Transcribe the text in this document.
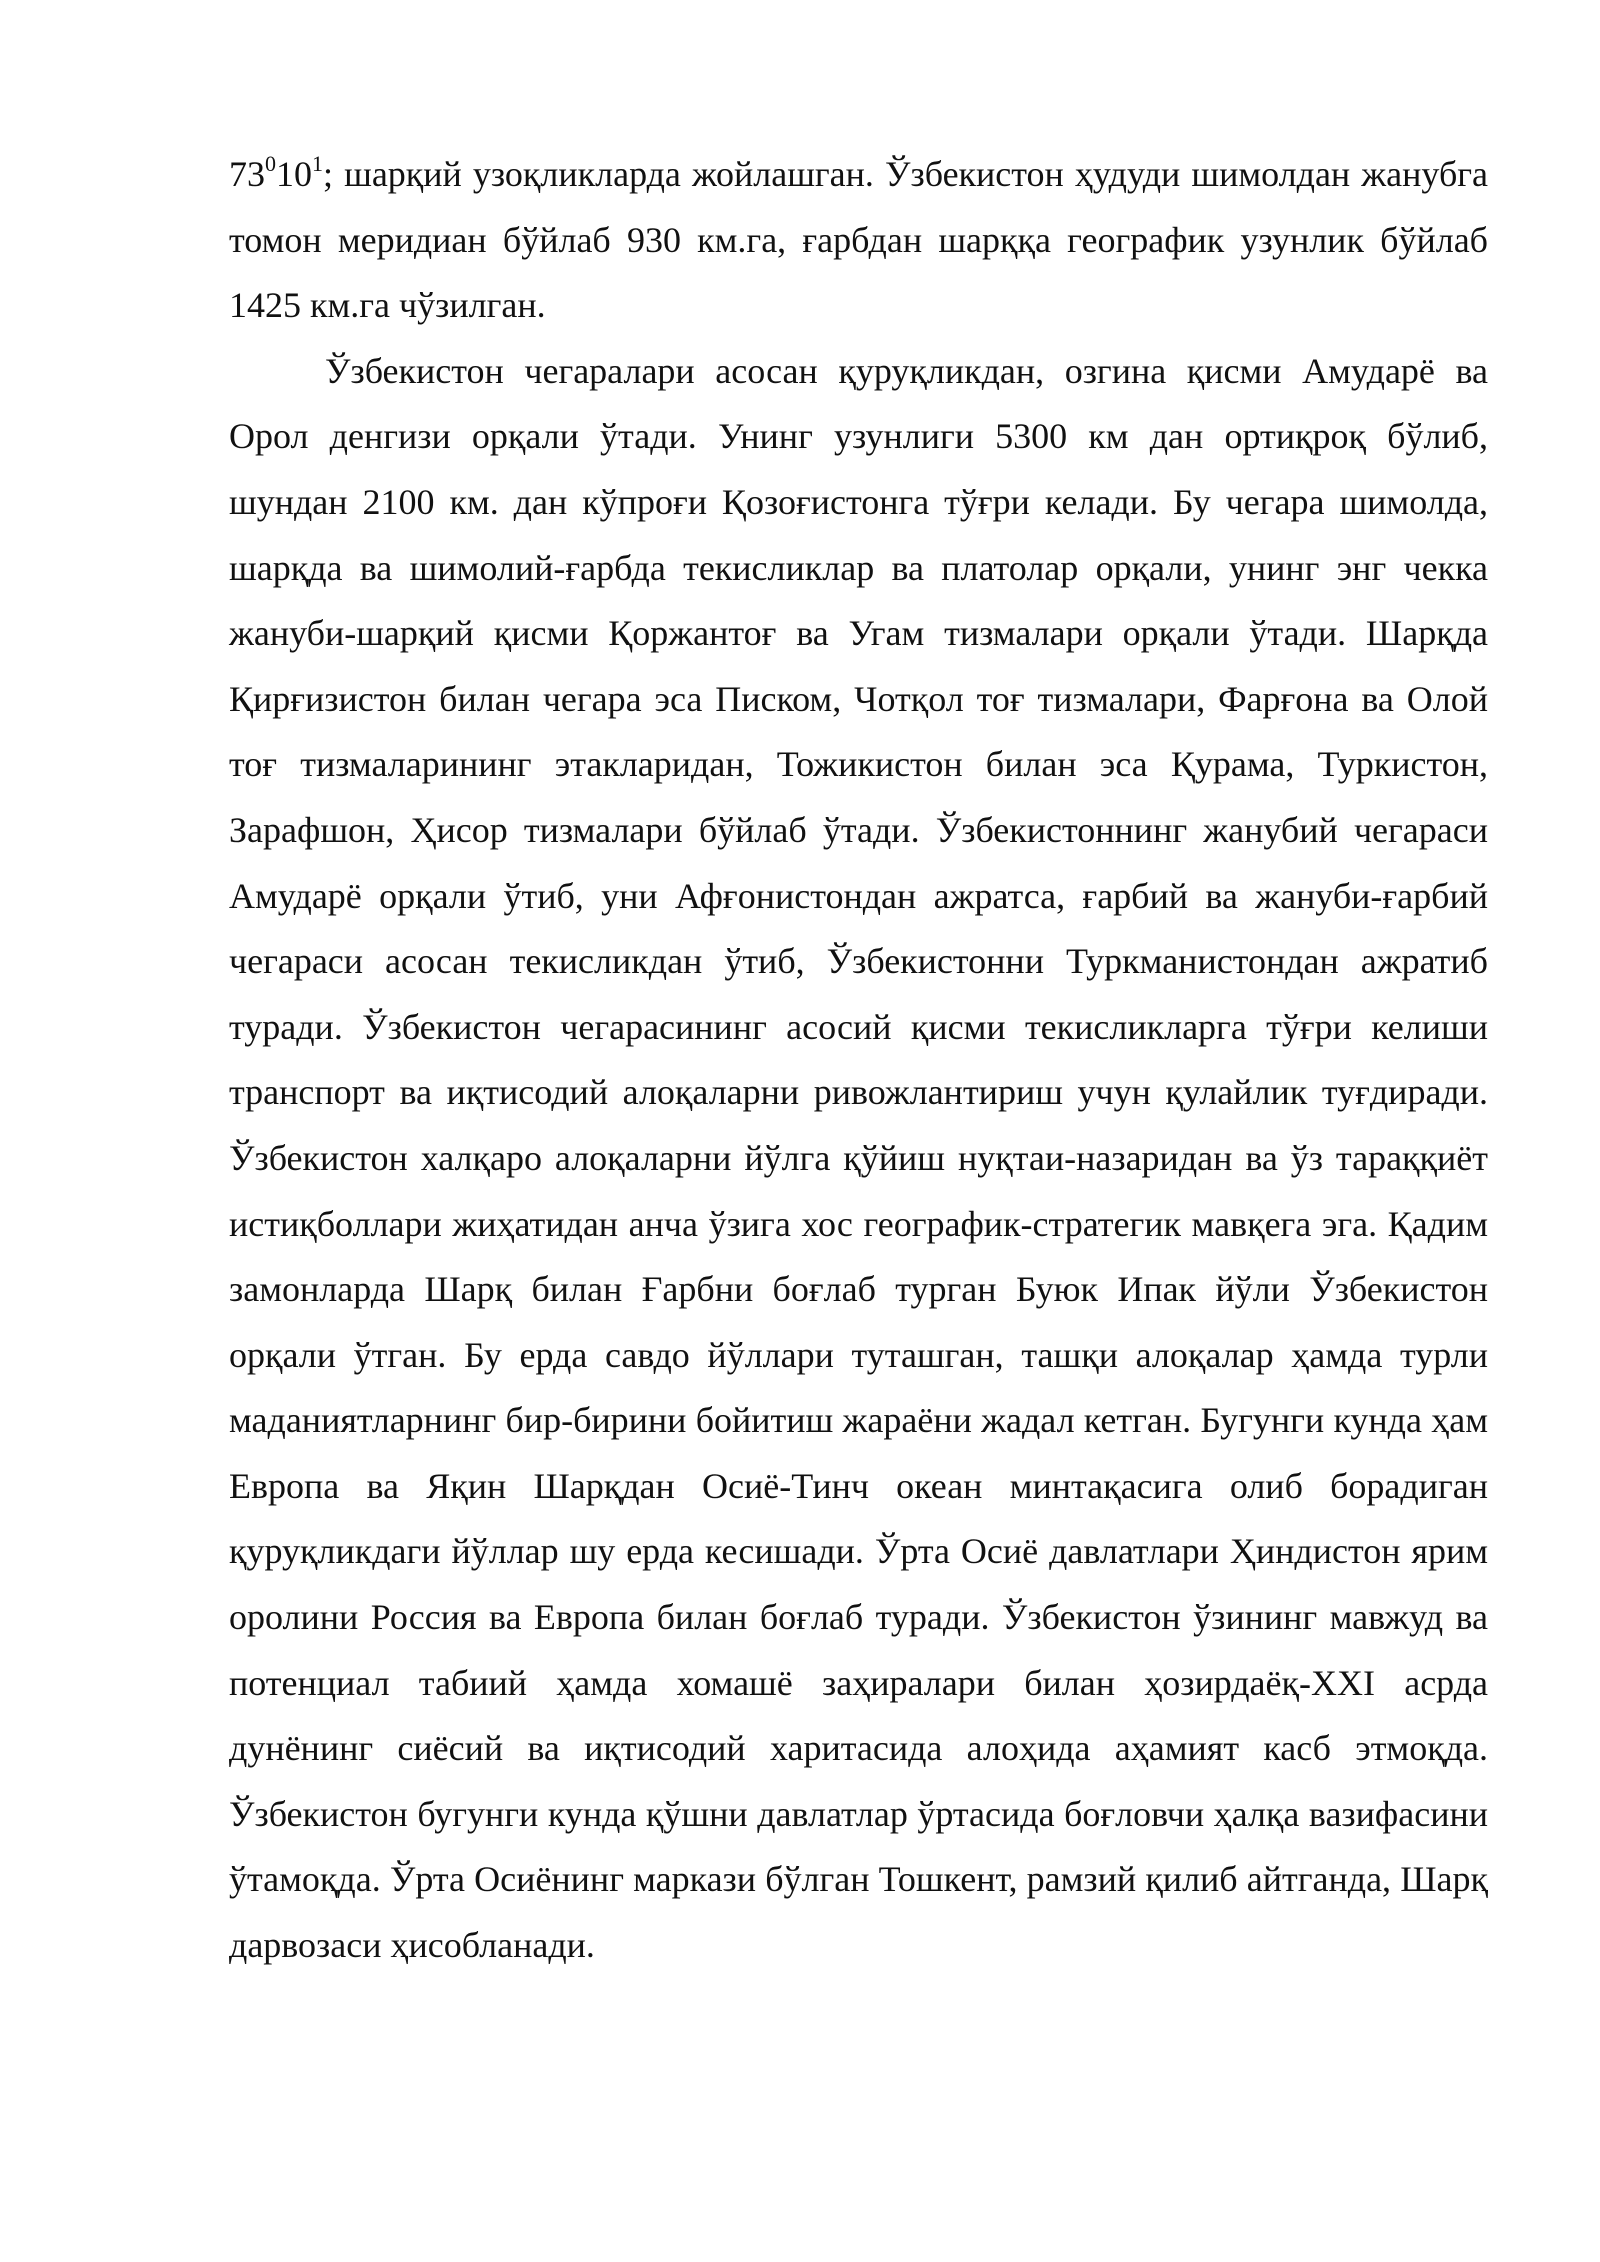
$73^010^1$; шарқий узоқликларда жойлашган. Ўзбекистон ҳудуди шимолдан жанубга томон меридиан бўйлаб 930 км.га, ғарбдан шарққа географик узунлик бўйлаб 1425 км.га чўзилган.

Ўзбекистон чегаралари асосан қуруқликдан, озгина қисми Амударё ва Орол денгизи орқали ўтади. Унинг узунлиги 5300 км дан ортиқроқ бўлиб, шундан 2100 км. дан кўпроғи Қозоғистонга тўғри келади. Бу чегара шимолда, шарқда ва шимолий-ғарбда текисликлар ва платолар орқали, унинг энг чекка жануби-шарқий қисми Қоржантоғ ва Угам тизмалари орқали ўтади. Шарқда Қирғизистон билан чегара эса Писком, Чотқол тоғ тизмалари, Фарғона ва Олой тоғ тизмаларининг этакларидан, Тожикистон билан эса Қурама, Туркистон, Зарафшон, Ҳисор тизмалари бўйлаб ўтади. Ўзбекистоннинг жанубий чегараси Амударё орқали ўтиб, уни Афғонистондан ажратса, ғарбий ва жануби-ғарбий чегараси асосан текисликдан ўтиб, Ўзбекистонни Туркманистондан ажратиб туради. Ўзбекистон чегарасининг асосий қисми текисликларга тўғри келиши транспорт ва иқтисодий алоқаларни ривожлантириш учун қулайлик туғдиради. Ўзбекистон халқаро алоқаларни йўлга қўйиш нуқтаи-назаридан ва ўз тараққиёт истиқболлари жиҳатидан анча ўзига хос географик-стратегик мавқега эга. Қадим замонларда Шарқ билан Ғарбни боғлаб турган Буюк Ипак йўли Ўзбекистон орқали ўтган. Бу ерда савдо йўллари туташган, ташқи алоқалар ҳамда турли маданиятларнинг бир-бирини бойитиш жараёни жадал кетган. Бугунги кунда ҳам Европа ва Яқин Шарқдан Осиё-Тинч океан минтақасига олиб борадиган қуруқликдаги йўллар шу ерда кесишади. Ўрта Осиё давлатлари Ҳиндистон ярим оролини Россия ва Европа билан боғлаб туради. Ўзбекистон ўзининг мавжуд ва потенциал табиий ҳамда хомашё заҳиралари билан ҳозирдаёқ-XXI асрда дунёнинг сиёсий ва иқтисодий харитасида алоҳида аҳамият касб этмоқда. Ўзбекистон бугунги кунда қўшни давлатлар ўртасида боғловчи ҳалқа вазифасини ўтамоқда. Ўрта Осиёнинг маркази бўлган Тошкент, рамзий қилиб айтганда, Шарқ дарвозаси ҳисобланади.
